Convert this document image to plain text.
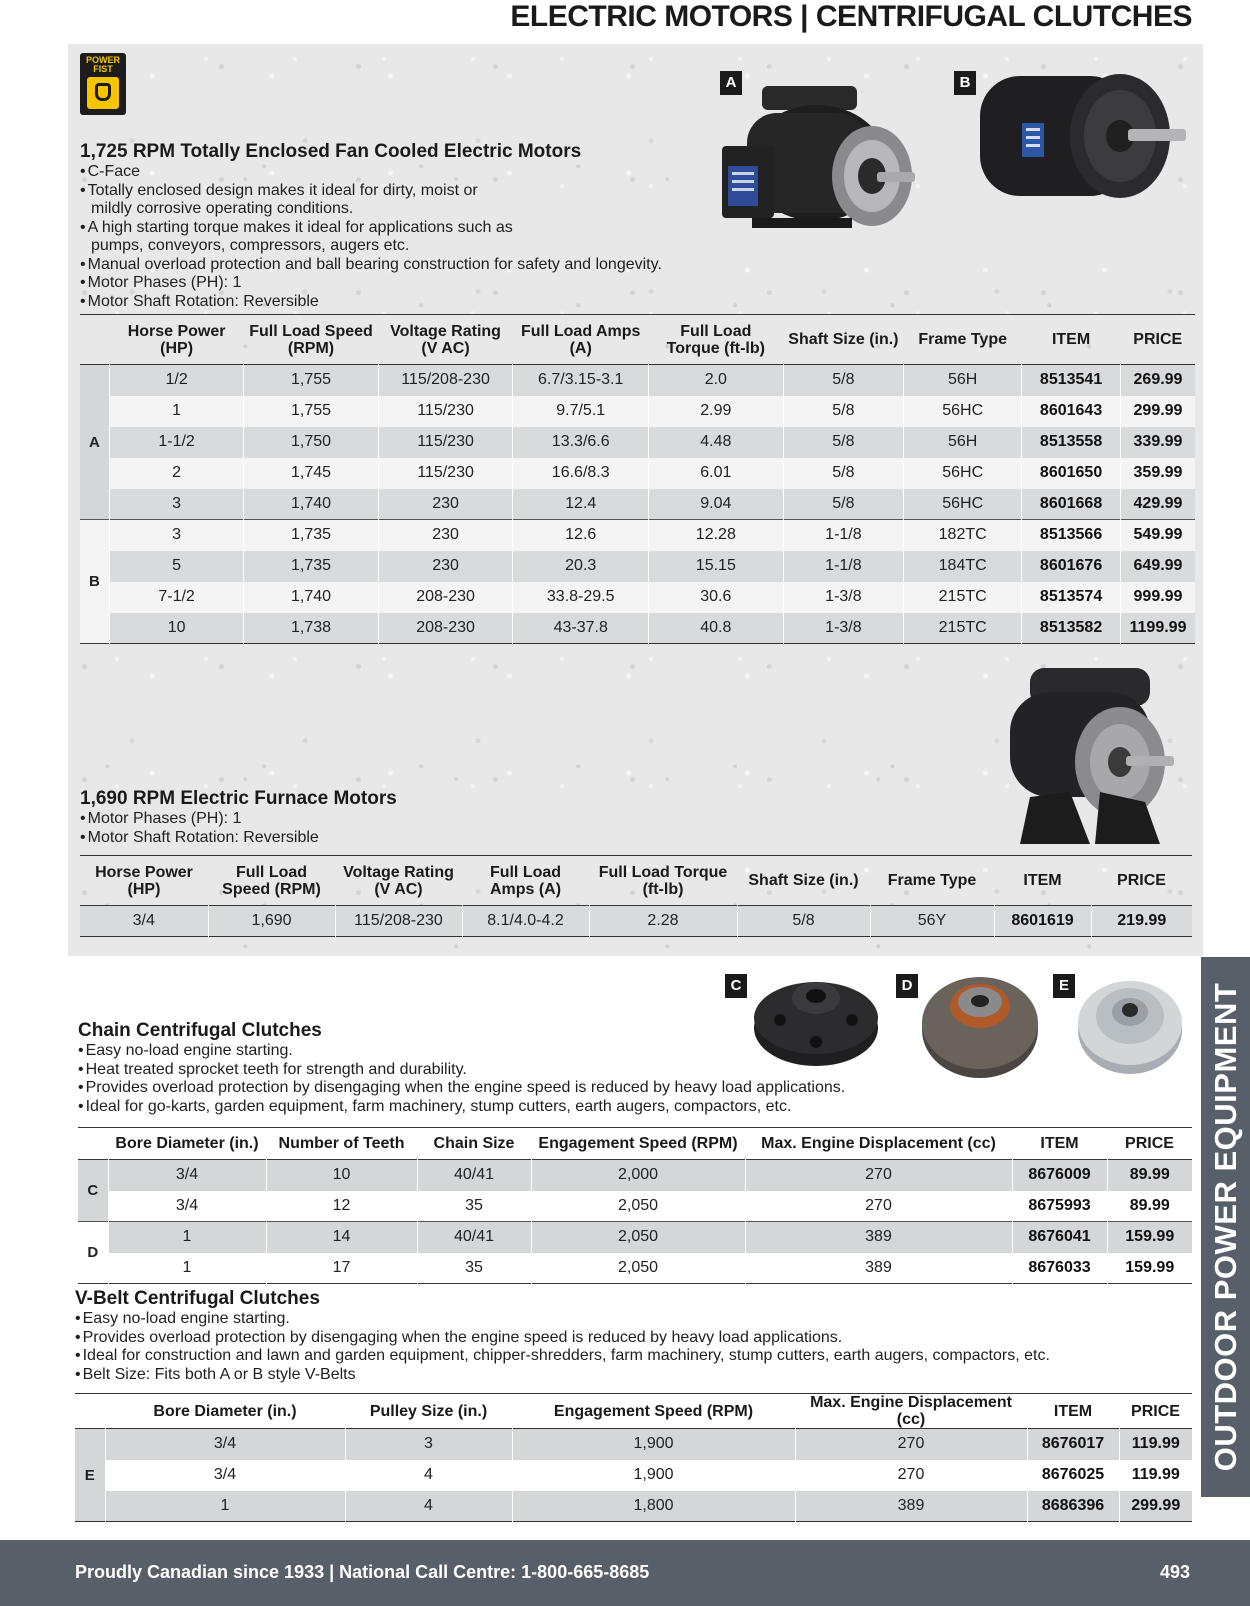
ELECTRIC MOTORS | CENTRIFUGAL CLUTCHES
POWER FIST
A	B
1,725 RPM Totally Enclosed Fan Cooled Electric Motors
• C-Face
• Totally enclosed design makes it ideal for dirty, moist or mildly corrosive operating conditions.
• A high starting torque makes it ideal for applications such as pumps, conveyors, compressors, augers etc.
• Manual overload protection and ball bearing construction for safety and longevity.
• Motor Phases (PH): 1
• Motor Shaft Rotation: Reversible
	Horse Power (HP)	Full Load Speed (RPM)	Voltage Rating (V AC)	Full Load Amps (A)	Full Load Torque (ft-lb)	Shaft Size (in.)	Frame Type	ITEM	PRICE
A	1/2	1,755	115/208-230	6.7/3.15-3.1	2.0	5/8	56H	8513541	269.99
	1	1,755	115/230	9.7/5.1	2.99	5/8	56HC	8601643	299.99
	1-1/2	1,750	115/230	13.3/6.6	4.48	5/8	56H	8513558	339.99
	2	1,745	115/230	16.6/8.3	6.01	5/8	56HC	8601650	359.99
	3	1,740	230	12.4	9.04	5/8	56HC	8601668	429.99
B	3	1,735	230	12.6	12.28	1-1/8	182TC	8513566	549.99
	5	1,735	230	20.3	15.15	1-1/8	184TC	8601676	649.99
	7-1/2	1,740	208-230	33.8-29.5	30.6	1-3/8	215TC	8513574	999.99
	10	1,738	208-230	43-37.8	40.8	1-3/8	215TC	8513582	1199.99
1,690 RPM Electric Furnace Motors
• Motor Phases (PH): 1
• Motor Shaft Rotation: Reversible
Horse Power (HP)	Full Load Speed (RPM)	Voltage Rating (V AC)	Full Load Amps (A)	Full Load Torque (ft-lb)	Shaft Size (in.)	Frame Type	ITEM	PRICE
3/4	1,690	115/208-230	8.1/4.0-4.2	2.28	5/8	56Y	8601619	219.99
C	D	E
Chain Centrifugal Clutches
• Easy no-load engine starting.
• Heat treated sprocket teeth for strength and durability.
• Provides overload protection by disengaging when the engine speed is reduced by heavy load applications.
• Ideal for go-karts, garden equipment, farm machinery, stump cutters, earth augers, compactors, etc.
	Bore Diameter (in.)	Number of Teeth	Chain Size	Engagement Speed (RPM)	Max. Engine Displacement (cc)	ITEM	PRICE
C	3/4	10	40/41	2,000	270	8676009	89.99
	3/4	12	35	2,050	270	8675993	89.99
D	1	14	40/41	2,050	389	8676041	159.99
	1	17	35	2,050	389	8676033	159.99
V-Belt Centrifugal Clutches
• Easy no-load engine starting.
• Provides overload protection by disengaging when the engine speed is reduced by heavy load applications.
• Ideal for construction and lawn and garden equipment, chipper-shredders, farm machinery, stump cutters, earth augers, compactors, etc.
• Belt Size: Fits both A or B style V-Belts
	Bore Diameter (in.)	Pulley Size (in.)	Engagement Speed (RPM)	Max. Engine Displacement (cc)	ITEM	PRICE
E	3/4	3	1,900	270	8676017	119.99
	3/4	4	1,900	270	8676025	119.99
	1	4	1,800	389	8686396	299.99
OUTDOOR POWER EQUIPMENT
Proudly Canadian since 1933 | National Call Centre: 1-800-665-8685	493
